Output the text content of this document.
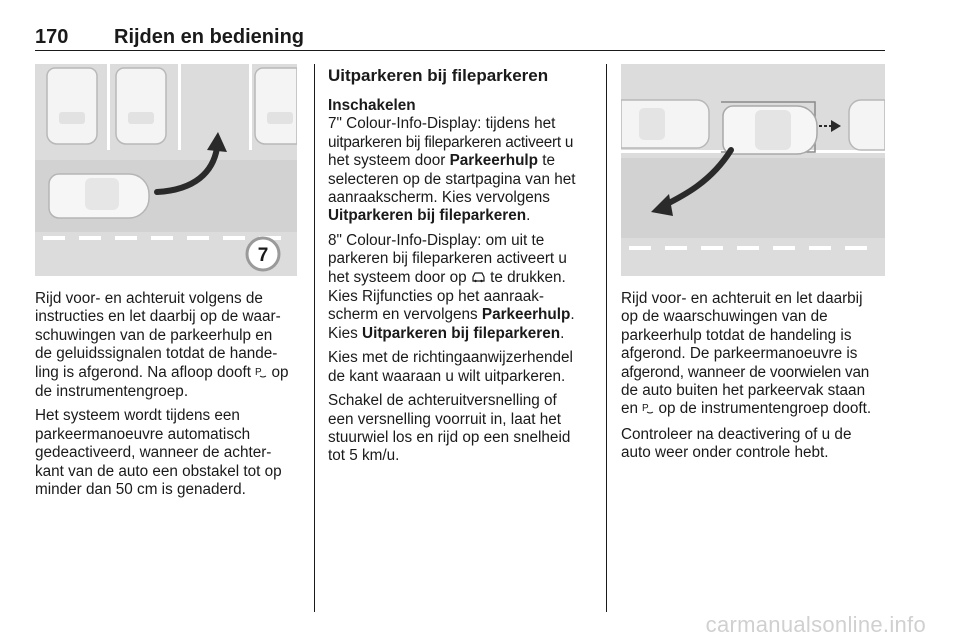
170 Rijden en bediening
7

Rijd voor- en achteruit volgens de
instructies en let daarbij op de waar-
schuwingen van de parkeerhulp en
de geluidssignalen totdat de hande-
ling is afgerond. Na afloop dooft P op
de instrumentengroep.

Het systeem wordt tijdens een
parkeermanoeuvre automatisch
gedeactiveerd, wanneer de achter-
kant van de auto een obstakel tot op
minder dan 50 cm is genaderd.

Uitparkeren bij fileparkeren
Inschakelen

7" Colour-Info-Display: tijdens het
uitparkeren bij fileparkeren activeert u
het systeem door Parkeerhulp te
selecteren op de startpagina van het
aanraakscherm. Kies vervolgens
Uitparkeren bij fileparkeren.

8" Colour-Info-Display: om uit te
parkeren bij fileparkeren activeert u
het systeem door op te drukken.
Kies Rijfuncties op het aanraak-
scherm en vervolgens Parkeerhulp.
Kies Uitparkeren bij fileparkeren.

Kies met de richtingaanwijzerhendel
de kant waaraan u wilt uitparkeren.

Schakel de achteruitversnelling of
een versnelling voorruit in, laat het
stuurwiel los en rijd op een snelheid
tot 5 km/u.

Rijd voor- en achteruit en let daarbij
op de waarschuwingen van de
parkeerhulp totdat de handeling is
afgerond. De parkeermanoeuvre is
afgerond, wanneer de voorwielen van
de auto buiten het parkeervak staan
en P op de instrumentengroep dooft.

Controleer na deactivering of u de
auto weer onder controle hebt.

carmanualsonline.info
